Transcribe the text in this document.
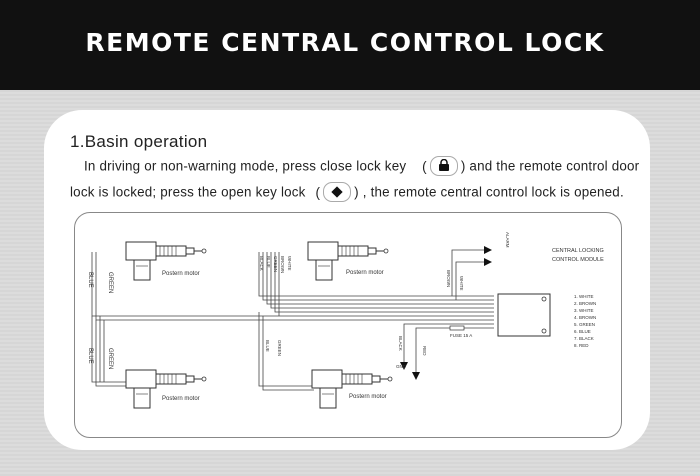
REMOTE CENTRAL CONTROL LOCK
1.Basin operation
In driving or non-warning mode, press close lock key (	) and the remote control door
lock is locked; press the open key lock (	) , the remote central control lock is opened.
FUSE 15 A
Postern motor	Postern motor
Postern motor	Postern motor
BLUE GREEN
BLUE GREEN
BLACK BLUE GREEN BROWN WHITE
BLUE GREEN
BROWN WHITE
ALARM
BLACK	RED
GND
CENTRAL LOCKING
CONTROL MODULE
1. WHITE
2. BROWN
3. WHITE
4. BROWN
5. GREEN
6. BLUE
7. BLACK
8. RED
